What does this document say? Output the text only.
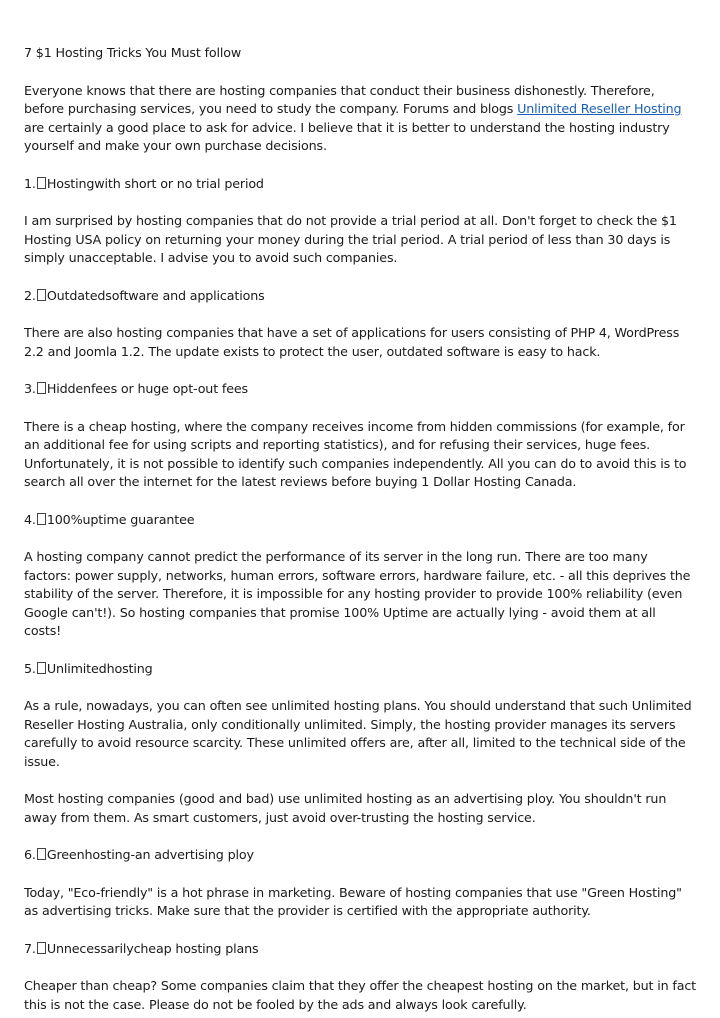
7 $1 Hosting Tricks You Must follow

Everyone knows that there are hosting companies that conduct their business dishonestly. Therefore, before purchasing services, you need to study the company. Forums and blogs Unlimited Reseller Hosting are certainly a good place to ask for advice. I believe that it is better to understand the hosting industry yourself and make your own purchase decisions.

1. Hostingwith short or no trial period

I am surprised by hosting companies that do not provide a trial period at all. Don't forget to check the $1 Hosting USA policy on returning your money during the trial period. A trial period of less than 30 days is simply unacceptable. I advise you to avoid such companies.

2. Outdatedsoftware and applications

There are also hosting companies that have a set of applications for users consisting of PHP 4, WordPress 2.2 and Joomla 1.2. The update exists to protect the user, outdated software is easy to hack.

3. Hiddenfees or huge opt-out fees

There is a cheap hosting, where the company receives income from hidden commissions (for example, for an additional fee for using scripts and reporting statistics), and for refusing their services, huge fees. Unfortunately, it is not possible to identify such companies independently. All you can do to avoid this is to search all over the internet for the latest reviews before buying 1 Dollar Hosting Canada.

4. 100%uptime guarantee

A hosting company cannot predict the performance of its server in the long run. There are too many factors: power supply, networks, human errors, software errors, hardware failure, etc. - all this deprives the stability of the server. Therefore, it is impossible for any hosting provider to provide 100% reliability (even Google can't!). So hosting companies that promise 100% Uptime are actually lying - avoid them at all costs!

5. Unlimitedhosting

As a rule, nowadays, you can often see unlimited hosting plans. You should understand that such Unlimited Reseller Hosting Australia, only conditionally unlimited. Simply, the hosting provider manages its servers carefully to avoid resource scarcity. These unlimited offers are, after all, limited to the technical side of the issue.

Most hosting companies (good and bad) use unlimited hosting as an advertising ploy. You shouldn't run away from them. As smart customers, just avoid over-trusting the hosting service.

6. Greenhosting-an advertising ploy

Today, "Eco-friendly" is a hot phrase in marketing. Beware of hosting companies that use "Green Hosting" as advertising tricks. Make sure that the provider is certified with the appropriate authority.

7. Unnecessarilycheap hosting plans

Cheaper than cheap? Some companies claim that they offer the cheapest hosting on the market, but in fact this is not the case. Please do not be fooled by the ads and always look carefully.
